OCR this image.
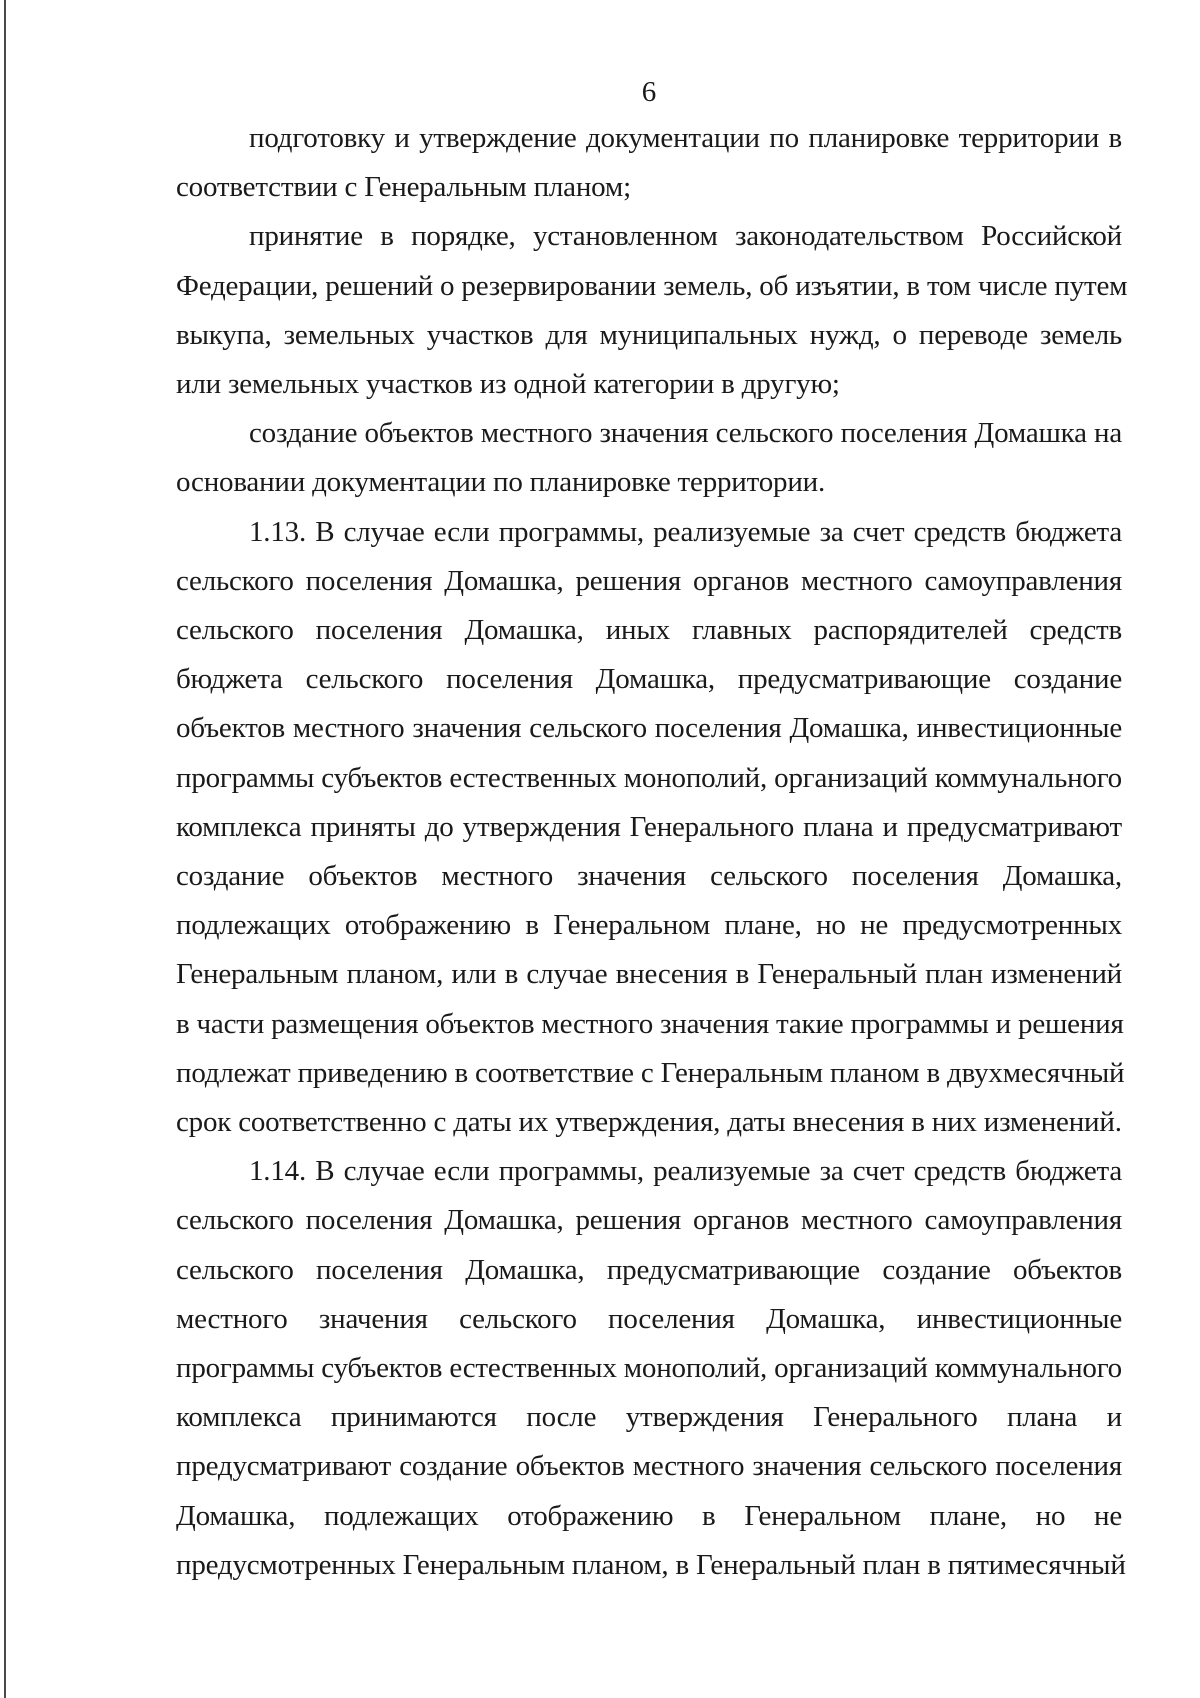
6
подготовку и утверждение документации по планировке территории в
соответствии с Генеральным планом;
принятие в порядке, установленном законодательством Российской
Федерации, решений о резервировании земель, об изъятии, в том числе путем
выкупа, земельных участков для муниципальных нужд, о переводе земель
или земельных участков из одной категории в другую;
создание объектов местного значения сельского поселения Домашка на
основании документации по планировке территории.
1.13. В случае если программы, реализуемые за счет средств бюджета
сельского поселения Домашка, решения органов местного самоуправления
сельского поселения Домашка, иных главных распорядителей средств
бюджета сельского поселения Домашка, предусматривающие создание
объектов местного значения сельского поселения Домашка, инвестиционные
программы субъектов естественных монополий, организаций коммунального
комплекса приняты до утверждения Генерального плана и предусматривают
создание объектов местного значения сельского поселения Домашка,
подлежащих отображению в Генеральном плане, но не предусмотренных
Генеральным планом, или в случае внесения в Генеральный план изменений
в части размещения объектов местного значения такие программы и решения
подлежат приведению в соответствие с Генеральным планом в двухмесячный
срок соответственно с даты их утверждения, даты внесения в них изменений.
1.14. В случае если программы, реализуемые за счет средств бюджета
сельского поселения Домашка, решения органов местного самоуправления
сельского поселения Домашка, предусматривающие создание объектов
местного значения сельского поселения Домашка, инвестиционные
программы субъектов естественных монополий, организаций коммунального
комплекса принимаются после утверждения Генерального плана и
предусматривают создание объектов местного значения сельского поселения
Домашка, подлежащих отображению в Генеральном плане, но не
предусмотренных Генеральным планом, в Генеральный план в пятимесячный
